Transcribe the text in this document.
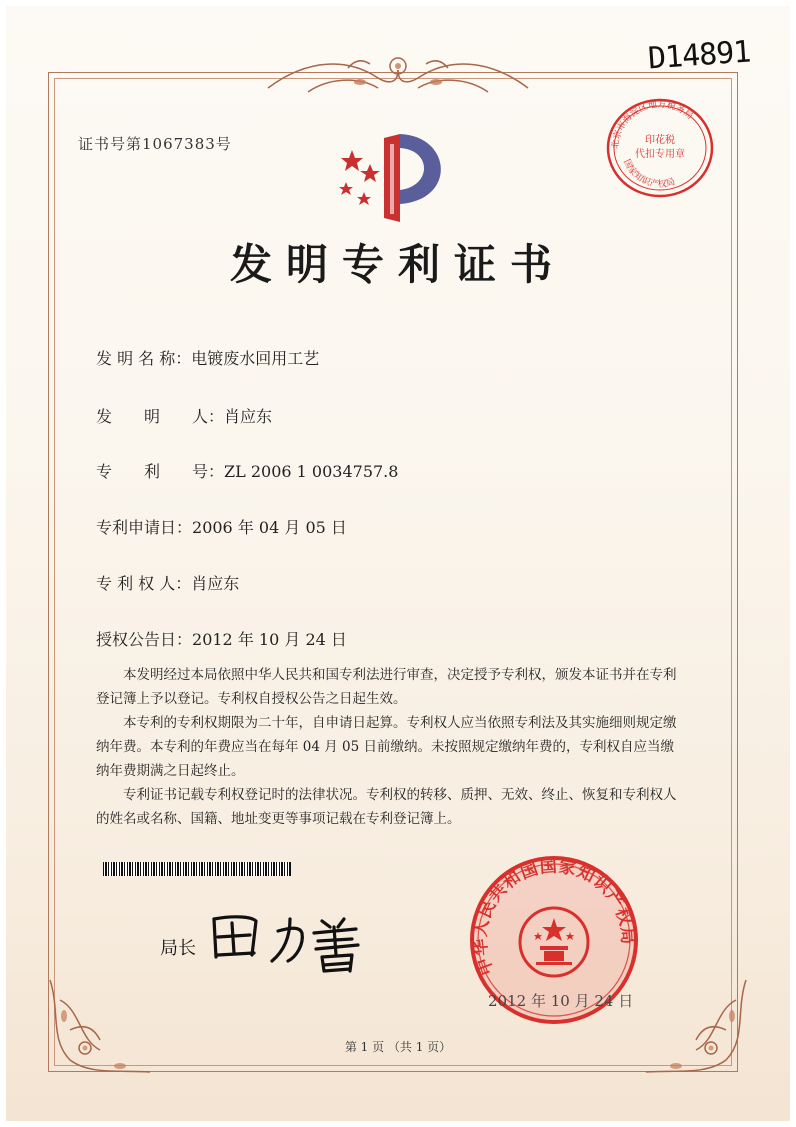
证书号第1067383号
D14891
发明专利证书
发 明 名 称：电镀废水回用工艺
发　　明　　人：肖应东
专　　利　　号：ZL 2006 1 0034757.8
专利申请日：2006 年 04 月 05 日
专 利 权 人：肖应东
授权公告日：2012 年 10 月 24 日

本发明经过本局依照中华人民共和国专利法进行审查，决定授予专利权，颁发本证书并在专利登记簿上予以登记。专利权自授权公告之日起生效。

本专利的专利权期限为二十年，自申请日起算。专利权人应当依照专利法及其实施细则规定缴纳年费。本专利的年费应当在每年 04 月 05 日前缴纳。未按照规定缴纳年费的，专利权自应当缴纳年费期满之日起终止。

专利证书记载专利权登记时的法律状况。专利权的转移、质押、无效、终止、恢复和专利权人的姓名或名称、国籍、地址变更等事项记载在专利登记簿上。

局长
北京市海淀区地方税务局
印花税
代扣专用章
国家知识产权局
中华人民共和国国家知识产权局
2012 年 10 月 24 日
第 1 页 （共 1 页）
